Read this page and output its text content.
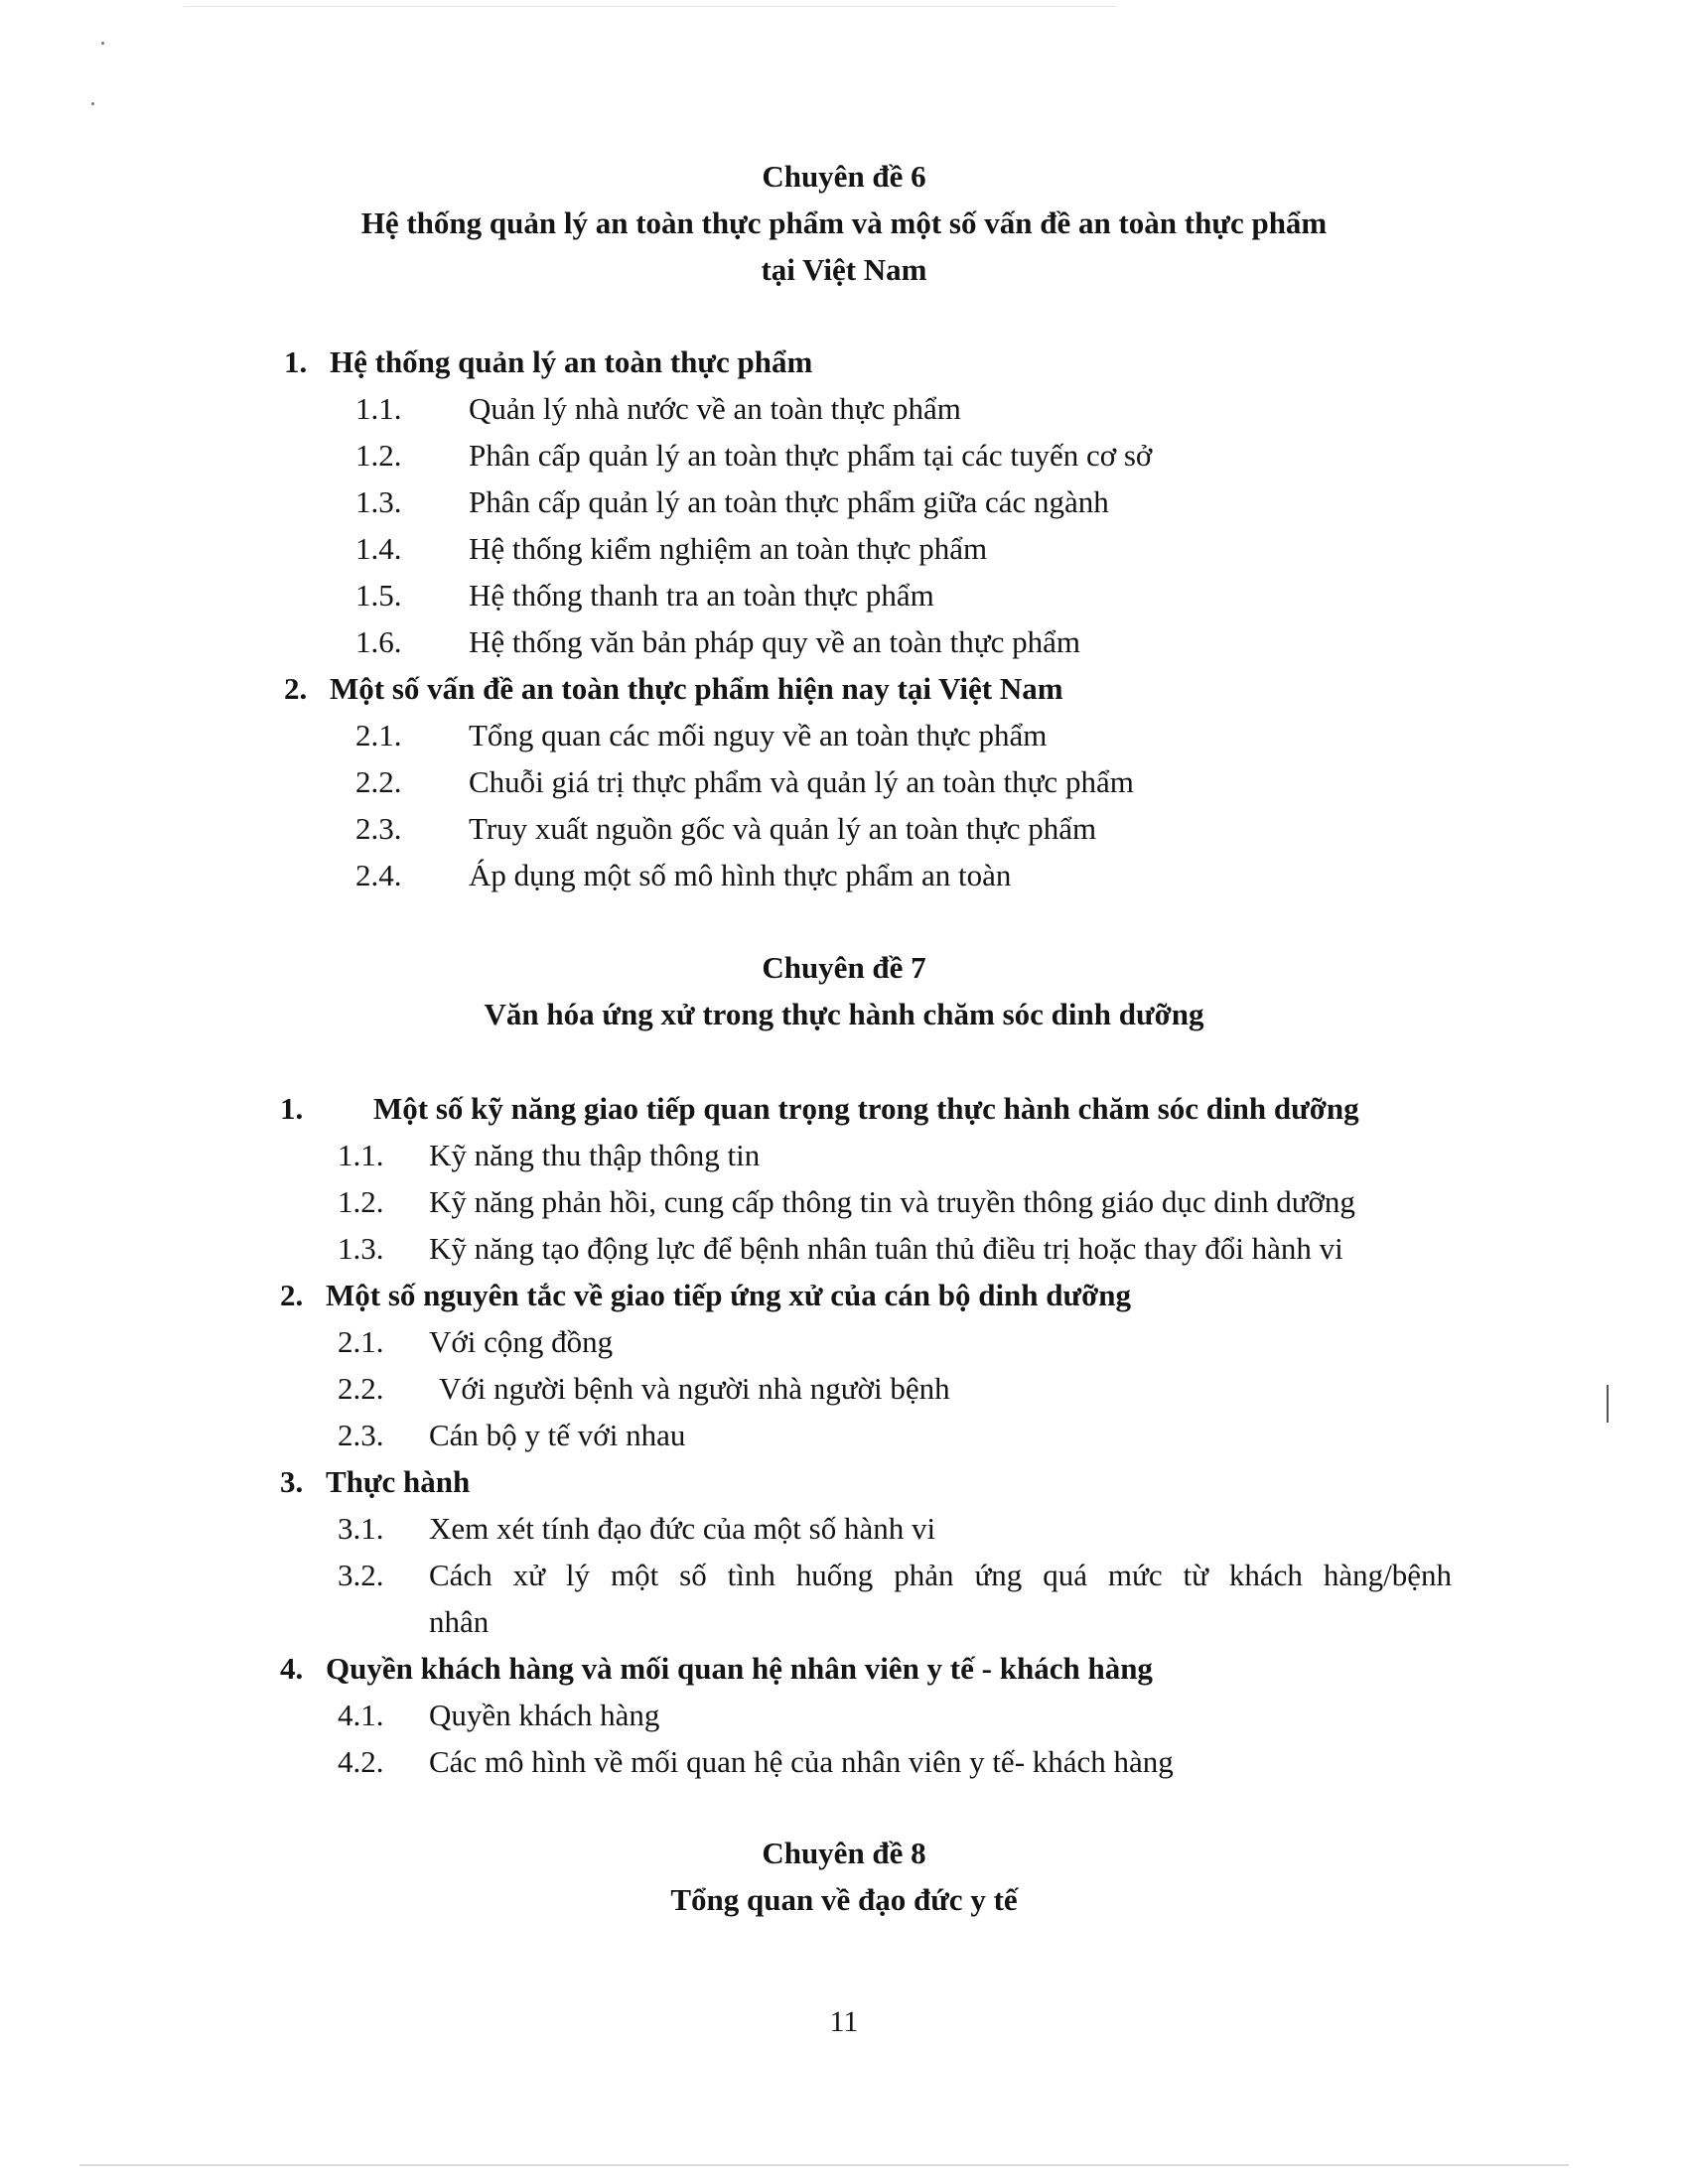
Chuyên đề 6
Hệ thống quản lý an toàn thực phẩm và một số vấn đề an toàn thực phẩm
tại Việt Nam
1. Hệ thống quản lý an toàn thực phẩm
1.1. Quản lý nhà nước về an toàn thực phẩm
1.2. Phân cấp quản lý an toàn thực phẩm tại các tuyến cơ sở
1.3. Phân cấp quản lý an toàn thực phẩm giữa các ngành
1.4. Hệ thống kiểm nghiệm an toàn thực phẩm
1.5. Hệ thống thanh tra an toàn thực phẩm
1.6. Hệ thống văn bản pháp quy về an toàn thực phẩm
2. Một số vấn đề an toàn thực phẩm hiện nay tại Việt Nam
2.1. Tổng quan các mối nguy về an toàn thực phẩm
2.2. Chuỗi giá trị thực phẩm và quản lý an toàn thực phẩm
2.3. Truy xuất nguồn gốc và quản lý an toàn thực phẩm
2.4. Áp dụng một số mô hình thực phẩm an toàn
Chuyên đề 7
Văn hóa ứng xử trong thực hành chăm sóc dinh dưỡng
1. Một số kỹ năng giao tiếp quan trọng trong thực hành chăm sóc dinh dưỡng
1.1. Kỹ năng thu thập thông tin
1.2. Kỹ năng phản hồi, cung cấp thông tin và truyền thông giáo dục dinh dưỡng
1.3. Kỹ năng tạo động lực để bệnh nhân tuân thủ điều trị hoặc thay đổi hành vi
2. Một số nguyên tắc về giao tiếp ứng xử của cán bộ dinh dưỡng
2.1. Với cộng đồng
2.2. Với người bệnh và người nhà người bệnh
2.3. Cán bộ y tế với nhau
3. Thực hành
3.1. Xem xét tính đạo đức của một số hành vi
3.2. Cách xử lý một số tình huống phản ứng quá mức từ khách hàng/bệnh
nhân
4. Quyền khách hàng và mối quan hệ nhân viên y tế - khách hàng
4.1. Quyền khách hàng
4.2. Các mô hình về mối quan hệ của nhân viên y tế- khách hàng
Chuyên đề 8
Tổng quan về đạo đức y tế
11
